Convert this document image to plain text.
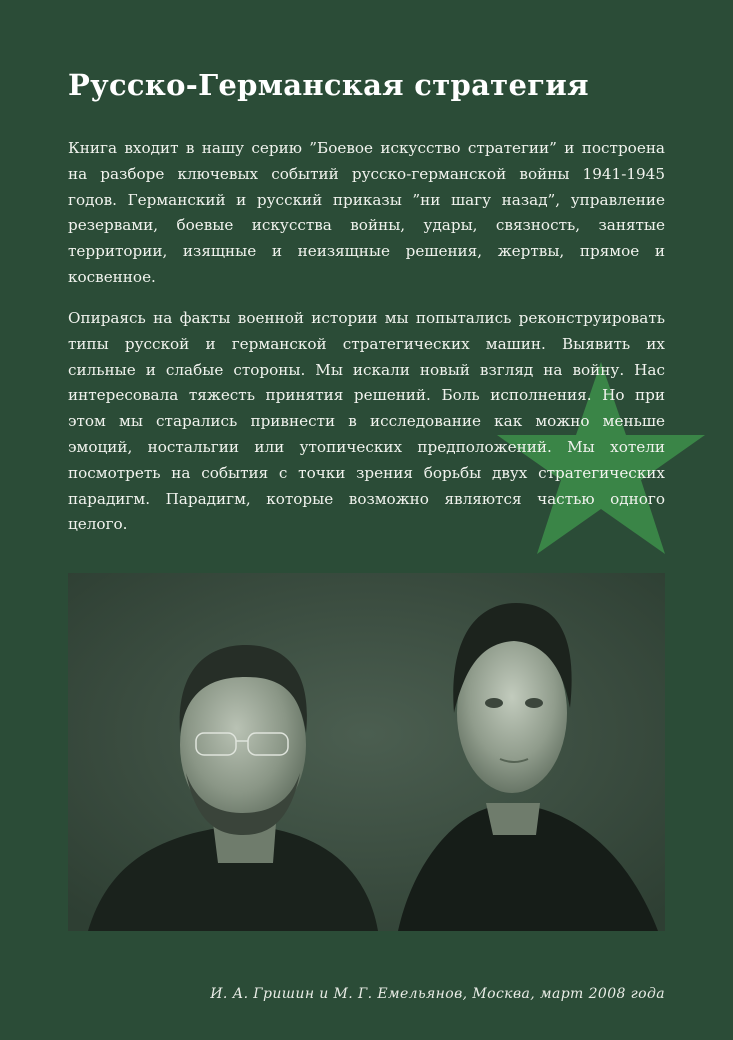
Русско-Германская стратегия

Книга входит в нашу серию ”Боевое искусство стратегии” и построена на разборе ключевых событий русско-германской войны 1941-1945 годов. Германский и русский приказы ”ни шагу назад”, управление резервами, боевые искусства войны, удары, связность, занятые территории, изящные и неизящные решения, жертвы, прямое и косвенное.

Опираясь на факты военной истории мы попытались реконструировать типы русской и германской стратегических машин. Выявить их сильные и слабые стороны. Мы искали новый взгляд на войну. Нас интересовала тяжесть принятия решений. Боль исполнения. Но при этом мы старались привнести в исследование как можно меньше эмоций, ностальгии или утопических предположений. Мы хотели посмотреть на события с точки зрения борьбы двух стратегических парадигм. Парадигм, которые возможно являются частью одного целого.

И. А. Гришин и М. Г. Емельянов, Москва, март 2008 года
